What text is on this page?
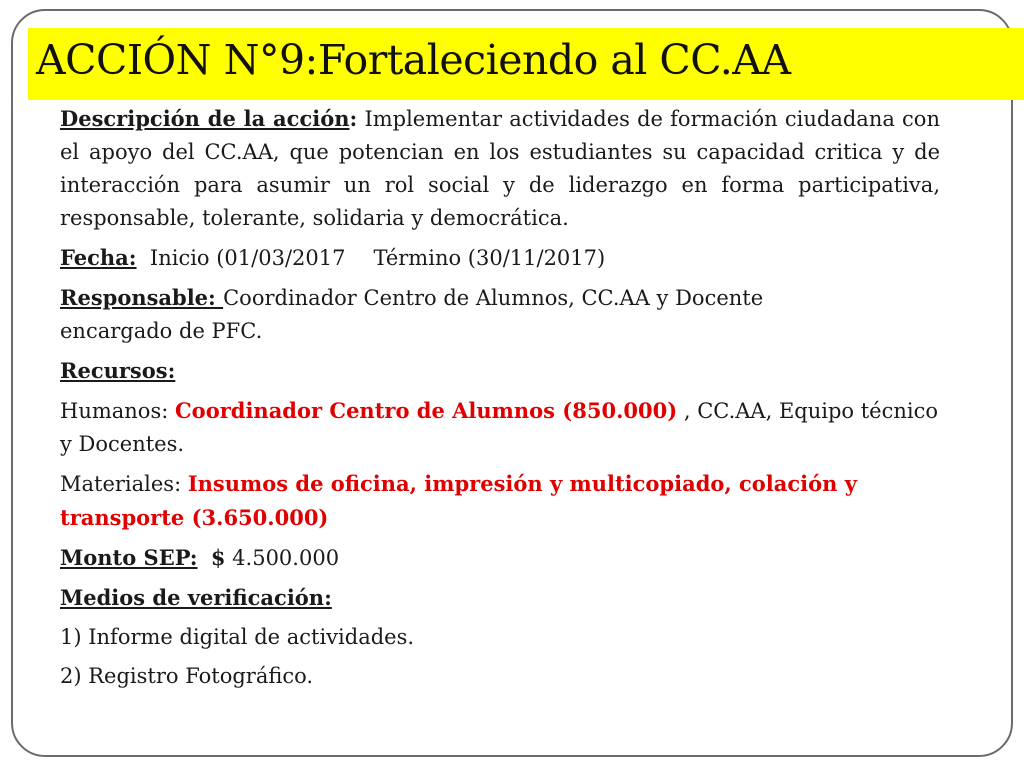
ACCIÓN N°9:Fortaleciendo al CC.AA

Descripción de la acción: Implementar actividades de formación ciudadana con el apoyo del CC.AA, que potencian en los estudiantes su capacidad critica y de interacción para asumir un rol social y de liderazgo en forma participativa, responsable, tolerante, solidaria y democrática.

Fecha: Inicio (01/03/2017 Término (30/11/2017)

Responsable: Coordinador Centro de Alumnos, CC.AA y Docente
encargado de PFC.

Recursos:

Humanos: Coordinador Centro de Alumnos (850.000) , CC.AA, Equipo técnico y Docentes.

Materiales: Insumos de oficina, impresión y multicopiado, colación y transporte (3.650.000)

Monto SEP: $ 4.500.000

Medios de verificación:

1) Informe digital de actividades.

2) Registro Fotográfico.
